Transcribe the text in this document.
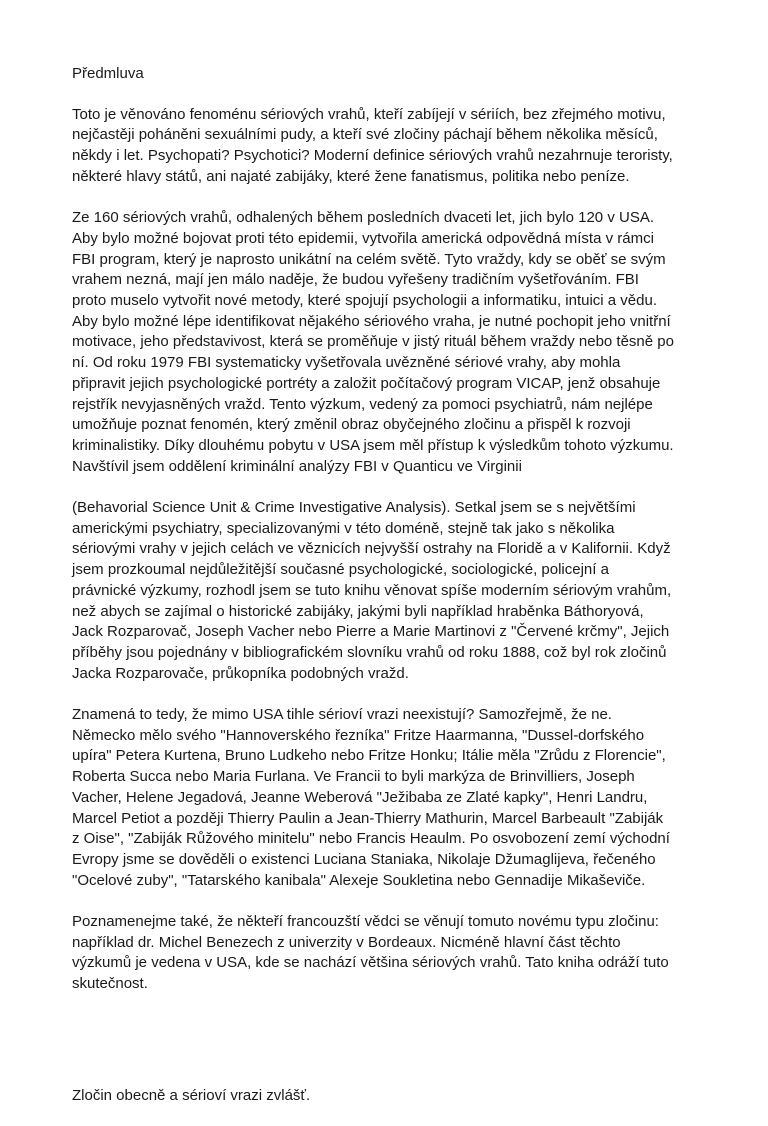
Předmluva
Toto je věnováno fenoménu sériových vrahů, kteří zabíjejí v sériích, bez zřejmého motivu,
nejčastěji poháněni sexuálními pudy, a kteří své zločiny páchají během několika měsíců,
někdy i let. Psychopati? Psychotici? Moderní definice sériových vrahů nezahrnuje teroristy,
některé hlavy států, ani najaté zabijáky, které žene fanatismus, politika nebo peníze.
Ze 160 sériových vrahů, odhalených během posledních dvaceti let, jich bylo 120 v USA.
Aby bylo možné bojovat proti této epidemii, vytvořila americká odpovědná místa v rámci
FBI program, který je naprosto unikátní na celém světě. Tyto vraždy, kdy se oběť se svým
vrahem nezná, mají jen málo naděje, že budou vyřešeny tradičním vyšetřováním. FBI
proto muselo vytvořit nové metody, které spojují psychologii a informatiku, intuici a vědu.
Aby bylo možné lépe identifikovat nějakého sériového vraha, je nutné pochopit jeho vnitřní
motivace, jeho představivost, která se proměňuje v jistý rituál během vraždy nebo těsně po
ní. Od roku 1979 FBI systematicky vyšetřovala uvězněné sériové vrahy, aby mohla
připravit jejich psychologické portréty a založit počítačový program VICAP, jenž obsahuje
rejstřík nevyjasněných vražd. Tento výzkum, vedený za pomoci psychiatrů, nám nejlépe
umožňuje poznat fenomén, který změnil obraz obyčejného zločinu a přispěl k rozvoji
kriminalistiky. Díky dlouhému pobytu v USA jsem měl přístup k výsledkům tohoto výzkumu.
Navštívil jsem oddělení kriminální analýzy FBI v Quanticu ve Virginii
(Behavorial Science Unit & Crime Investigative Analysis). Setkal jsem se s největšími
americkými psychiatry, specializovanými v této doméně, stejně tak jako s několika
sériovými vrahy v jejich celách ve věznicích nejvyšší ostrahy na Floridě a v Kalifornii. Když
jsem prozkoumal nejdůležitější současné psychologické, sociologické, policejní a
právnické výzkumy, rozhodl jsem se tuto knihu věnovat spíše moderním sériovým vrahům,
než abych se zajímal o historické zabijáky, jakými byli například hraběnka Báthoryová,
Jack Rozparovač, Joseph Vacher nebo Pierre a Marie Martinovi z "Červené krčmy", Jejich
příběhy jsou pojednány v bibliografickém slovníku vrahů od roku 1888, což byl rok zločinů
Jacka Rozparovače, průkopníka podobných vražd.
Znamená to tedy, že mimo USA tihle sérioví vrazi neexistují? Samozřejmě, že ne.
Německo mělo svého "Hannoverského řezníka" Fritze Haarmanna, "Dussel-dorfského
upíra" Petera Kurtena, Bruno Ludkeho nebo Fritze Honku; Itálie měla "Zrůdu z Florencie",
Roberta Succa nebo Maria Furlana. Ve Francii to byli markýza de Brinvilliers, Joseph
Vacher, Helene Jegadová, Jeanne Weberová "Ježibaba ze Zlaté kapky", Henri Landru,
Marcel Petiot a později Thierry Paulin a Jean-Thierry Mathurin, Marcel Barbeault "Zabiják
z Oise", "Zabiják Růžového minitelu" nebo Francis Heaulm. Po osvobození zemí východní
Evropy jsme se dověděli o existenci Luciana Staniaka, Nikolaje Džumaglijeva, řečeného
"Ocelové zuby", "Tatarského kanibala" Alexeje Soukletina nebo Gennadije Mikaševiče.
Poznamenejme také, že někteří francouzští vědci se věnují tomuto novému typu zločinu:
například dr. Michel Benezech z univerzity v Bordeaux. Nicméně hlavní část těchto
výzkumů je vedena v USA, kde se nachází většina sériových vrahů. Tato kniha odráží tuto
skutečnost.
Zločin obecně a sérioví vrazi zvlášť.
